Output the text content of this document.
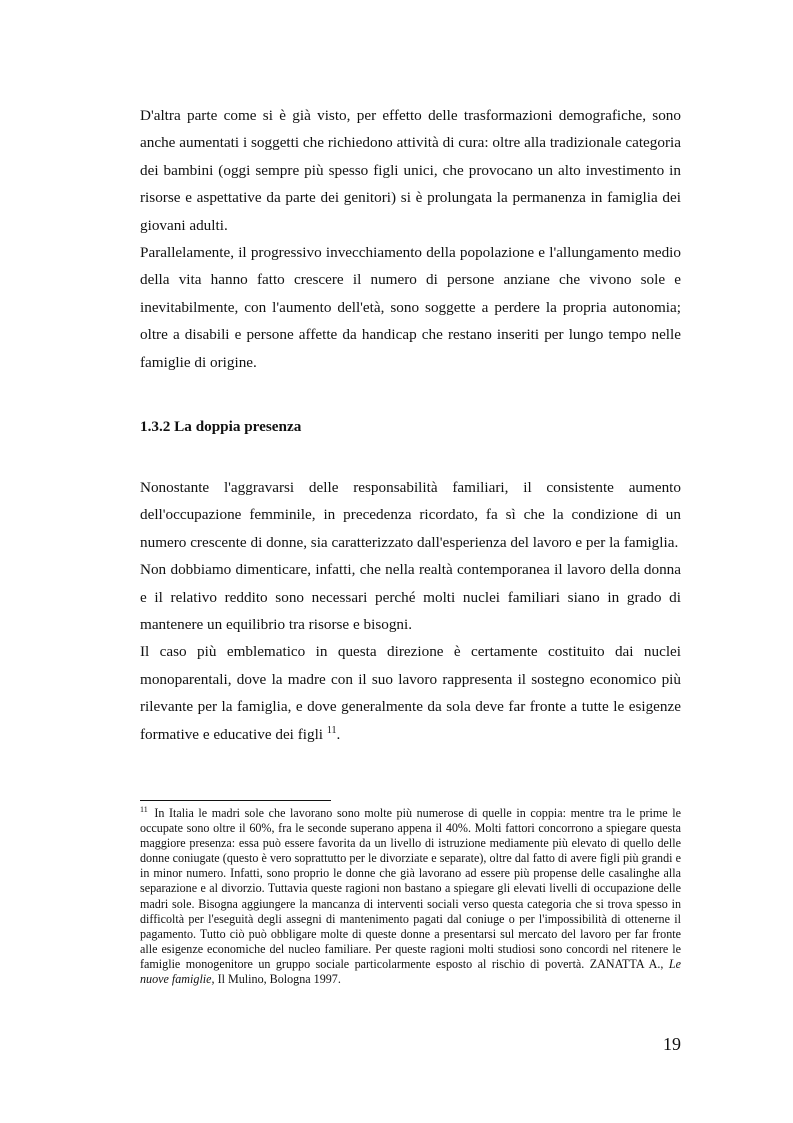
D'altra parte come si è già visto, per effetto delle trasformazioni demografiche, sono anche aumentati i soggetti che richiedono attività di cura: oltre alla tradizionale categoria dei bambini (oggi sempre più spesso figli unici, che provocano un alto investimento in risorse e aspettative da parte dei genitori) si è prolungata la permanenza in famiglia dei giovani adulti.

Parallelamente, il progressivo invecchiamento della popolazione e l'allungamento medio della vita hanno fatto crescere il numero di persone anziane che vivono sole e inevitabilmente, con l'aumento dell'età, sono soggette a perdere la propria autonomia; oltre a disabili e persone affette da handicap che restano inseriti per lungo tempo nelle famiglie di origine.

1.3.2 La doppia presenza

Nonostante l'aggravarsi delle responsabilità familiari, il consistente aumento dell'occupazione femminile, in precedenza ricordato, fa sì che la condizione di un numero crescente di donne, sia caratterizzato dall'esperienza del lavoro e per la famiglia.

Non dobbiamo dimenticare, infatti, che nella realtà contemporanea il lavoro della donna e il relativo reddito sono necessari perché molti nuclei familiari siano in grado di mantenere un equilibrio tra risorse e bisogni.

Il caso più emblematico in questa direzione è certamente costituito dai nuclei monoparentali, dove la madre con il suo lavoro rappresenta il sostegno economico più rilevante per la famiglia, e dove generalmente da sola deve far fronte a tutte le esigenze formative e educative dei figli $^{11}$.

$^{11}$ In Italia le madri sole che lavorano sono molte più numerose di quelle in coppia: mentre tra le prime le occupate sono oltre il 60%, fra le seconde superano appena il 40%. Molti fattori concorrono a spiegare questa maggiore presenza: essa può essere favorita da un livello di istruzione mediamente più elevato di quello delle donne coniugate (questo è vero soprattutto per le divorziate e separate), oltre dal fatto di avere figli più grandi e in minor numero. Infatti, sono proprio le donne che già lavorano ad essere più propense delle casalinghe alla separazione e al divorzio. Tuttavia queste ragioni non bastano a spiegare gli elevati livelli di occupazione delle madri sole. Bisogna aggiungere la mancanza di interventi sociali verso questa categoria che si trova spesso in difficoltà per l'eseguità degli assegni di mantenimento pagati dal coniuge o per l'impossibilità di ottenerne il pagamento. Tutto ciò può obbligare molte di queste donne a presentarsi sul mercato del lavoro per far fronte alle esigenze economiche del nucleo familiare. Per queste ragioni molti studiosi sono concordi nel ritenere le famiglie monogenitore un gruppo sociale particolarmente esposto al rischio di povertà. ZANATTA A., Le nuove famiglie, Il Mulino, Bologna 1997.

19
